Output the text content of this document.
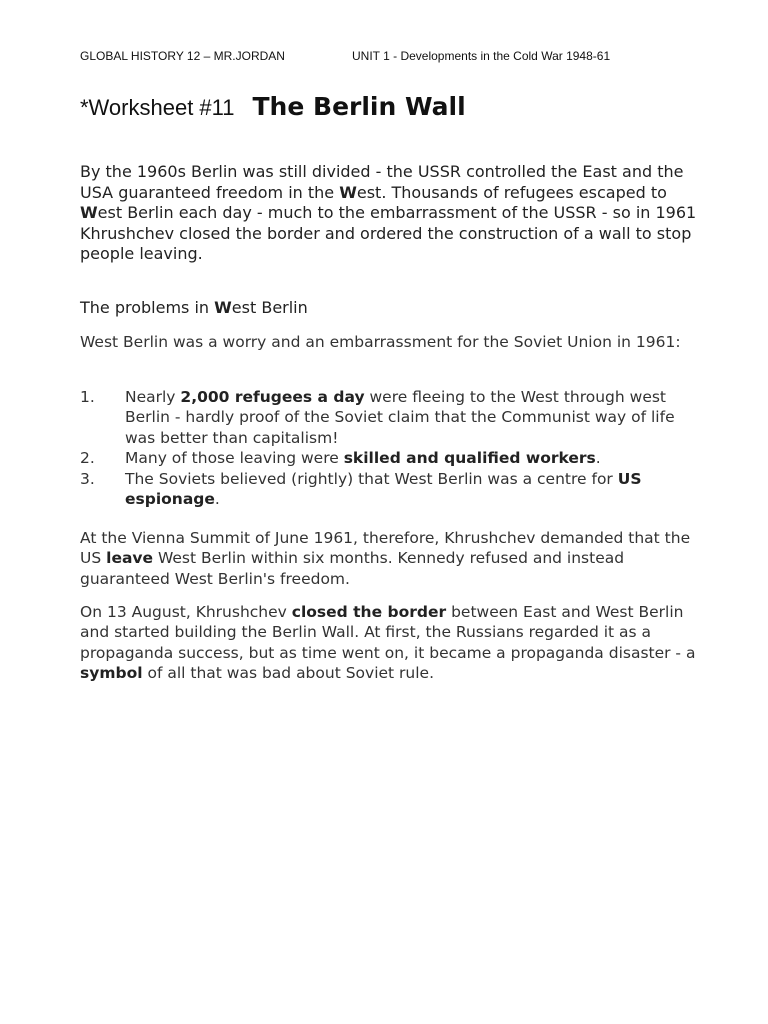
GLOBAL HISTORY 12 – MR.JORDAN	UNIT 1 - Developments in the Cold War 1948-61
*Worksheet #11 The Berlin Wall
By the 1960s Berlin was still divided - the USSR controlled the East and the USA guaranteed freedom in the West. Thousands of refugees escaped to West Berlin each day - much to the embarrassment of the USSR - so in 1961 Khrushchev closed the border and ordered the construction of a wall to stop people leaving.
The problems in West Berlin
West Berlin was a worry and an embarrassment for the Soviet Union in 1961:
1. Nearly 2,000 refugees a day were fleeing to the West through west Berlin - hardly proof of the Soviet claim that the Communist way of life was better than capitalism!
2. Many of those leaving were skilled and qualified workers.
3. The Soviets believed (rightly) that West Berlin was a centre for US espionage.
At the Vienna Summit of June 1961, therefore, Khrushchev demanded that the US leave West Berlin within six months. Kennedy refused and instead guaranteed West Berlin's freedom.
On 13 August, Khrushchev closed the border between East and West Berlin and started building the Berlin Wall. At first, the Russians regarded it as a propaganda success, but as time went on, it became a propaganda disaster - a symbol of all that was bad about Soviet rule.
